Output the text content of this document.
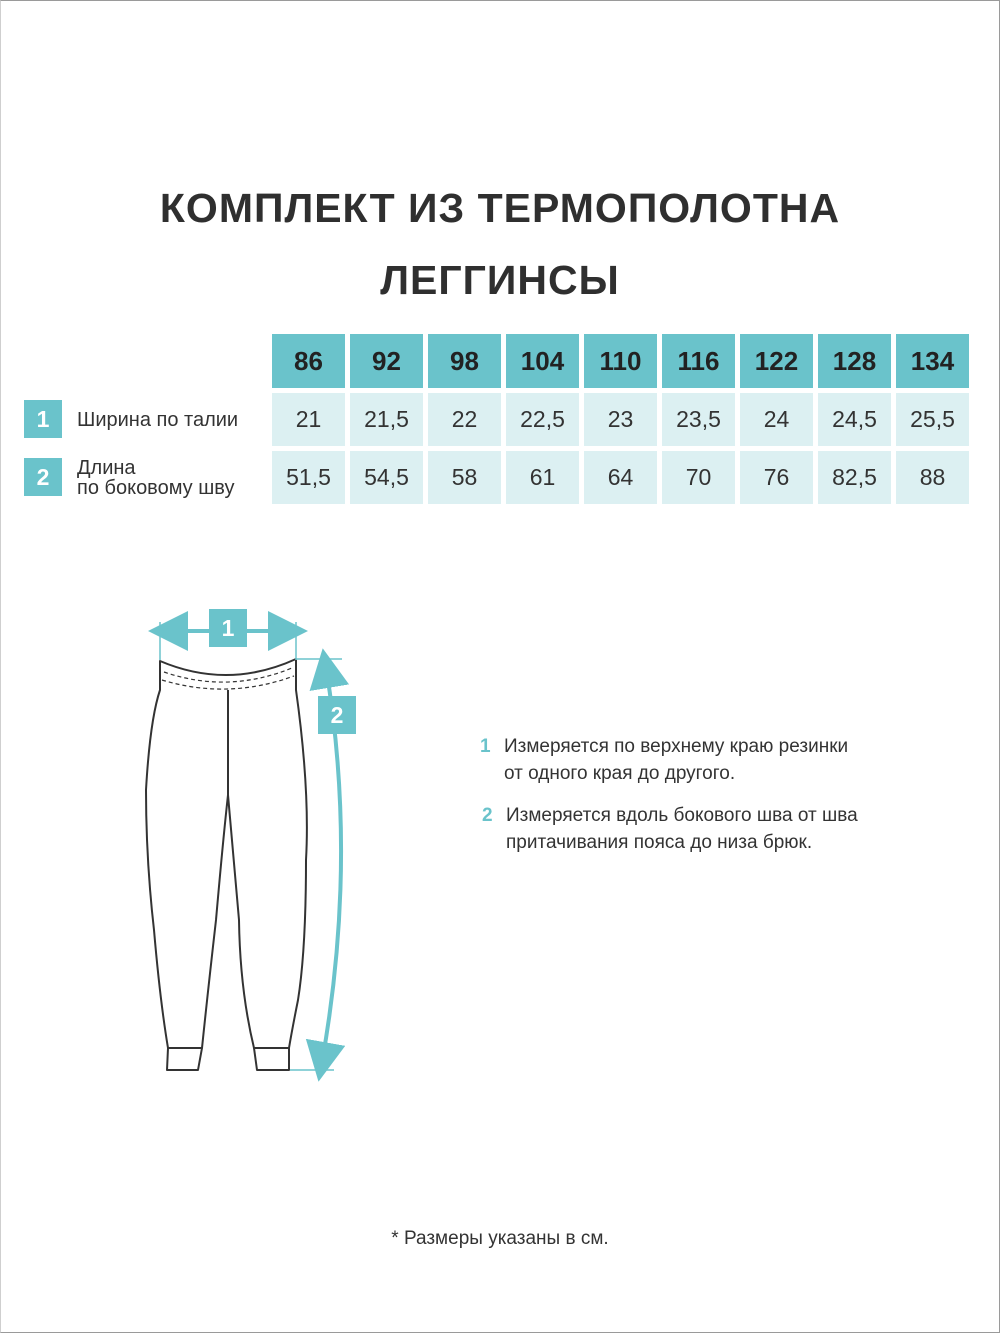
КОМПЛЕКТ ИЗ ТЕРМОПОЛОТНА
ЛЕГГИНСЫ
86	92	98	104	110	116	122	128	134
1	Ширина по талии	21	21,5	22	22,5	23	23,5	24	24,5	25,5
2	Длина
по боковому шву	51,5	54,5	58	61	64	70	76	82,5	88
1
2
1 Измеряется по верхнему краю резинки
от одного края до другого.
2 Измеряется вдоль бокового шва от шва
притачивания пояса до низа брюк.
* Размеры указаны в см.
